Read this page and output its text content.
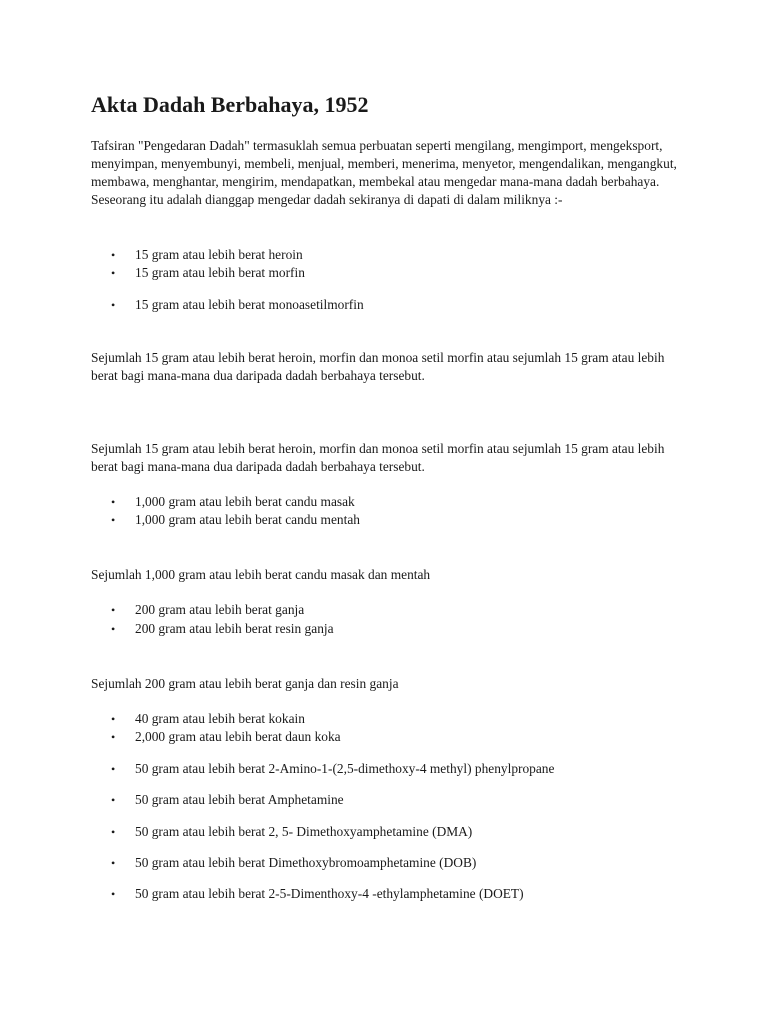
Akta Dadah Berbahaya, 1952

Tafsiran "Pengedaran Dadah" termasuklah semua perbuatan seperti mengilang, mengimport, mengeksport, menyimpan, menyembunyi, membeli, menjual, memberi, menerima, menyetor, mengendalikan, mengangkut, membawa, menghantar, mengirim, mendapatkan, membekal atau mengedar mana-mana dadah berbahaya. Seseorang itu adalah dianggap mengedar dadah sekiranya di dapati di dalam miliknya :-

• 15 gram atau lebih berat heroin
• 15 gram atau lebih berat morfin
• 15 gram atau lebih berat monoasetilmorfin

Sejumlah 15 gram atau lebih berat heroin, morfin dan monoa setil morfin atau sejumlah 15 gram atau lebih berat bagi mana-mana dua daripada dadah berbahaya tersebut.

Sejumlah 15 gram atau lebih berat heroin, morfin dan monoa setil morfin atau sejumlah 15 gram atau lebih berat bagi mana-mana dua daripada dadah berbahaya tersebut.

• 1,000 gram atau lebih berat candu masak
• 1,000 gram atau lebih berat candu mentah

Sejumlah 1,000 gram atau lebih berat candu masak dan mentah

• 200 gram atau lebih berat ganja
• 200 gram atau lebih berat resin ganja

Sejumlah 200 gram atau lebih berat ganja dan resin ganja

• 40 gram atau lebih berat kokain
• 2,000 gram atau lebih berat daun koka
• 50 gram atau lebih berat 2-Amino-1-(2,5-dimethoxy-4 methyl) phenylpropane
• 50 gram atau lebih berat Amphetamine
• 50 gram atau lebih berat 2, 5- Dimethoxyamphetamine (DMA)
• 50 gram atau lebih berat Dimethoxybromoamphetamine (DOB)
• 50 gram atau lebih berat 2-5-Dimenthoxy-4 -ethylamphetamine (DOET)
